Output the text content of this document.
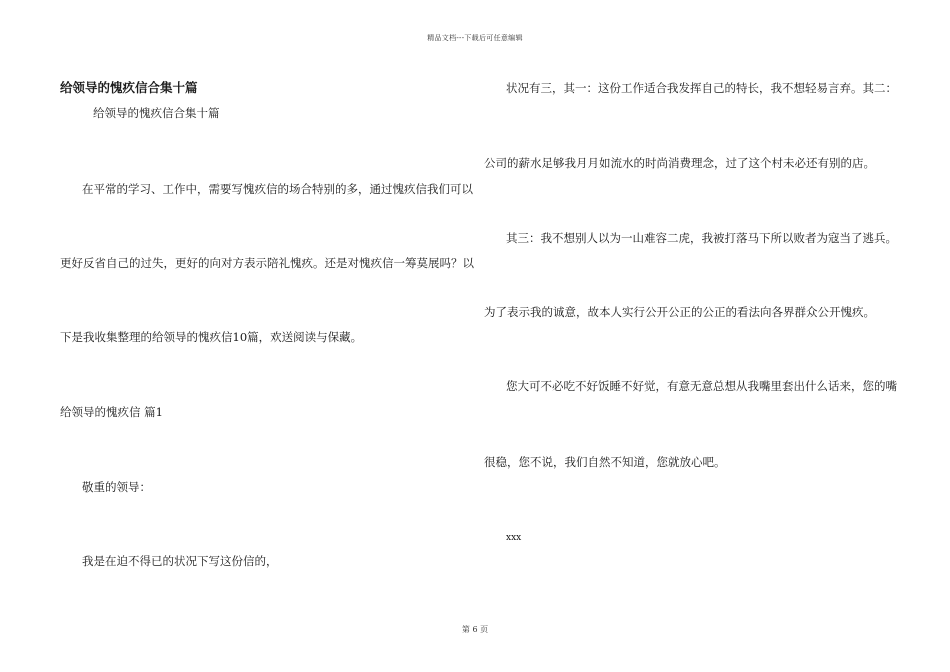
精品文档---下载后可任意编辑
给领导的愧疚信合集十篇
给领导的愧疚信合集十篇
在平常的学习、工作中，需要写愧疚信的场合特别的多，通过愧疚信我们可以
更好反省自己的过失，更好的向对方表示陪礼愧疚。还是对愧疚信一筹莫展吗？以
下是我收集整理的给领导的愧疚信10篇，欢送阅读与保藏。
给领导的愧疚信 篇1
敬重的领导：
我是在迫不得已的状况下写这份信的，
状况有三，其一：这份工作适合我发挥自己的特长，我不想轻易言弃。其二：
公司的薪水足够我月月如流水的时尚消费理念，过了这个村未必还有别的店。
其三：我不想别人以为一山难容二虎，我被打落马下所以败者为寇当了逃兵。
为了表示我的诚意，故本人实行公开公正的公正的看法向各界群众公开愧疚。
您大可不必吃不好饭睡不好觉，有意无意总想从我嘴里套出什么话来，您的嘴
很稳，您不说，我们自然不知道，您就放心吧。
xxx
第 6 页
